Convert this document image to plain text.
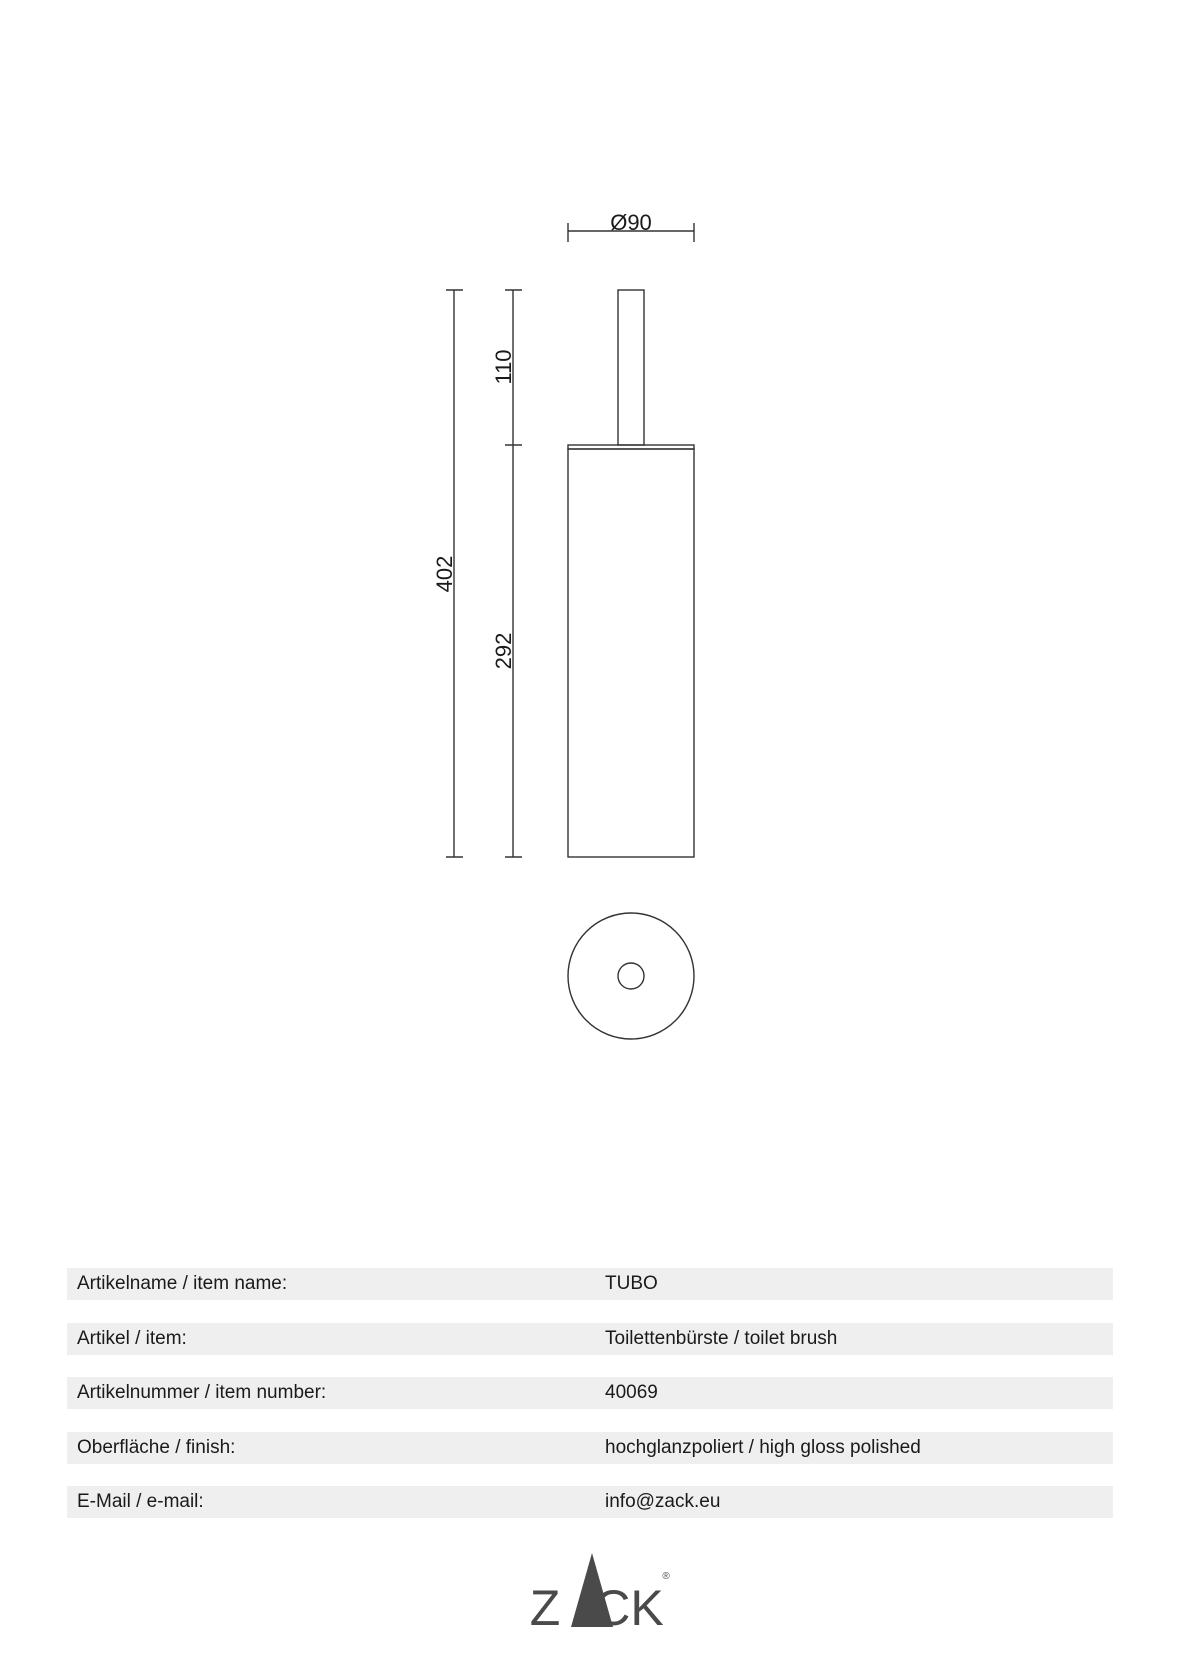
Ø90
402
110
292
Artikelname / item name:	TUBO
Artikel / item:	Toilettenbürste / toilet brush
Artikelnummer / item number:	40069
Oberfläche / finish:	hochglanzpoliert / high gloss polished
E-Mail / e-mail:	info@zack.eu
Z CK
®
